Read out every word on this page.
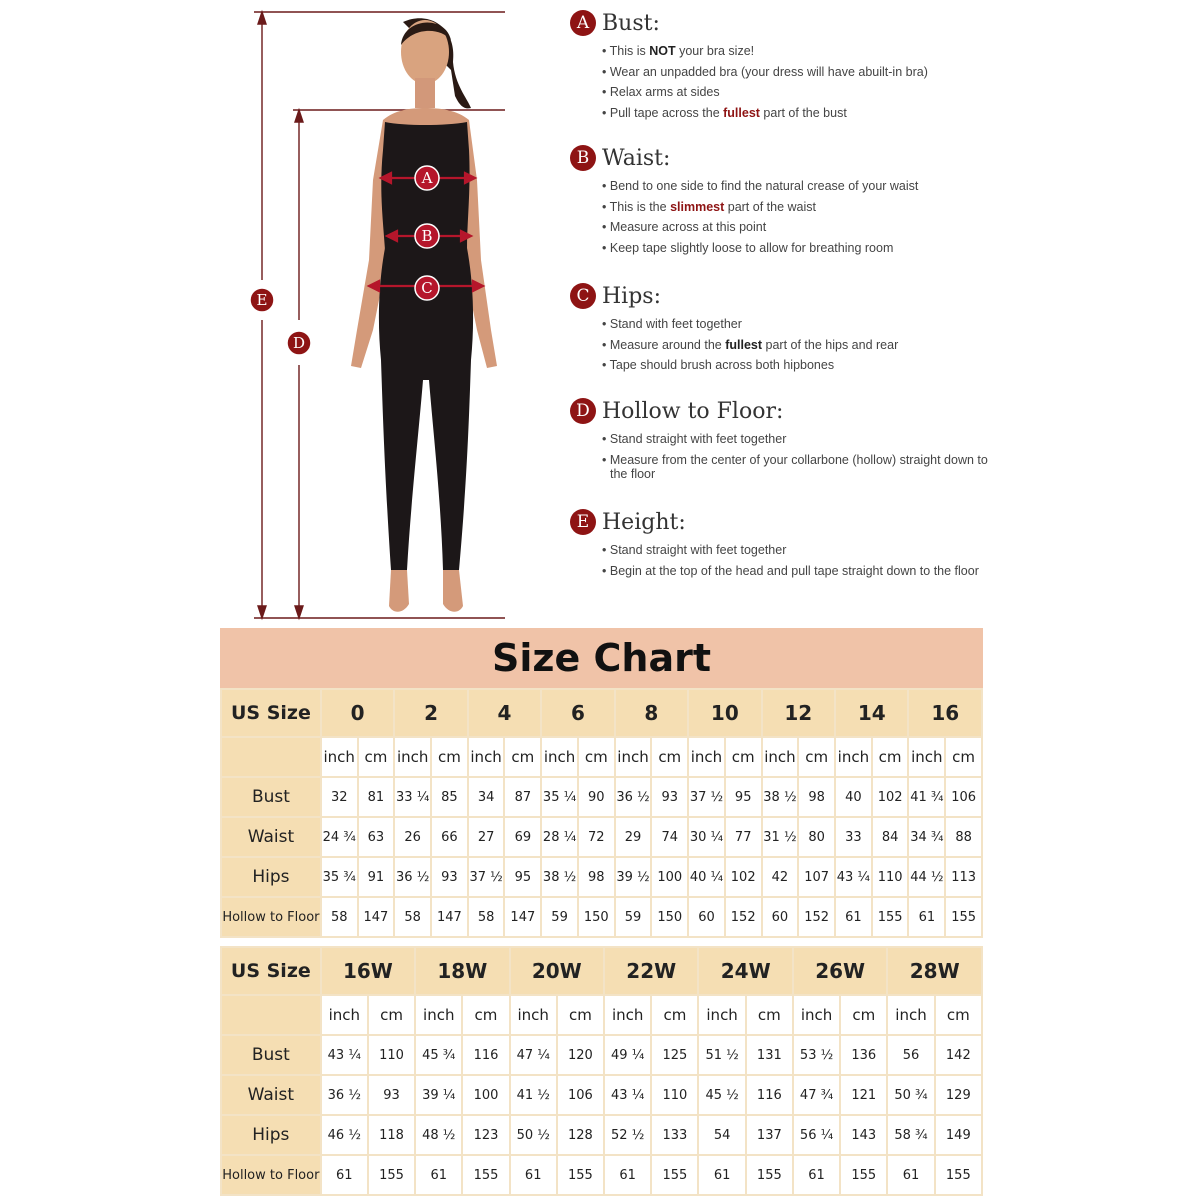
A
B
C
E
D
A Bust:
• This is NOT your bra size!
• Wear an unpadded bra (your dress will have abuilt-in bra)
• Relax arms at sides
• Pull tape across the fullest part of the bust
B Waist:
• Bend to one side to find the natural crease of your waist
• This is the slimmest part of the waist
• Measure across at this point
• Keep tape slightly loose to allow for breathing room
C Hips:
• Stand with feet together
• Measure around the fullest part of the hips and rear
• Tape should brush across both hipbones
D Hollow to Floor:
• Stand straight with feet together
• Measure from the center of your collarbone (hollow) straight down to the floor
E Height:
• Stand straight with feet together
• Begin at the top of the head and pull tape straight down to the floor
Size Chart
US Size	0		2		4		6		8		10		12		14		16	
	inch	cm	inch	cm	inch	cm	inch	cm	inch	cm	inch	cm	inch	cm	inch	cm	inch	cm
Bust	32	81	33 ¼	85	34	87	35 ¼	90	36 ½	93	37 ½	95	38 ½	98	40	102	41 ¾	106
Waist	24 ¾	63	26	66	27	69	28 ¼	72	29	74	30 ¼	77	31 ½	80	33	84	34 ¾	88
Hips	35 ¾	91	36 ½	93	37 ½	95	38 ½	98	39 ½	100	40 ¼	102	42	107	43 ¼	110	44 ½	113
Hollow to Floor	58	147	58	147	58	147	59	150	59	150	60	152	60	152	61	155	61	155
US Size	16W		18W		20W		22W		24W		26W		28W	
	inch	cm	inch	cm	inch	cm	inch	cm	inch	cm	inch	cm	inch	cm
Bust	43 ¼	110	45 ¾	116	47 ¼	120	49 ¼	125	51 ½	131	53 ½	136	56	142
Waist	36 ½	93	39 ¼	100	41 ½	106	43 ¼	110	45 ½	116	47 ¾	121	50 ¾	129
Hips	46 ½	118	48 ½	123	50 ½	128	52 ½	133	54	137	56 ¼	143	58 ¾	149
Hollow to Floor	61	155	61	155	61	155	61	155	61	155	61	155	61	155
